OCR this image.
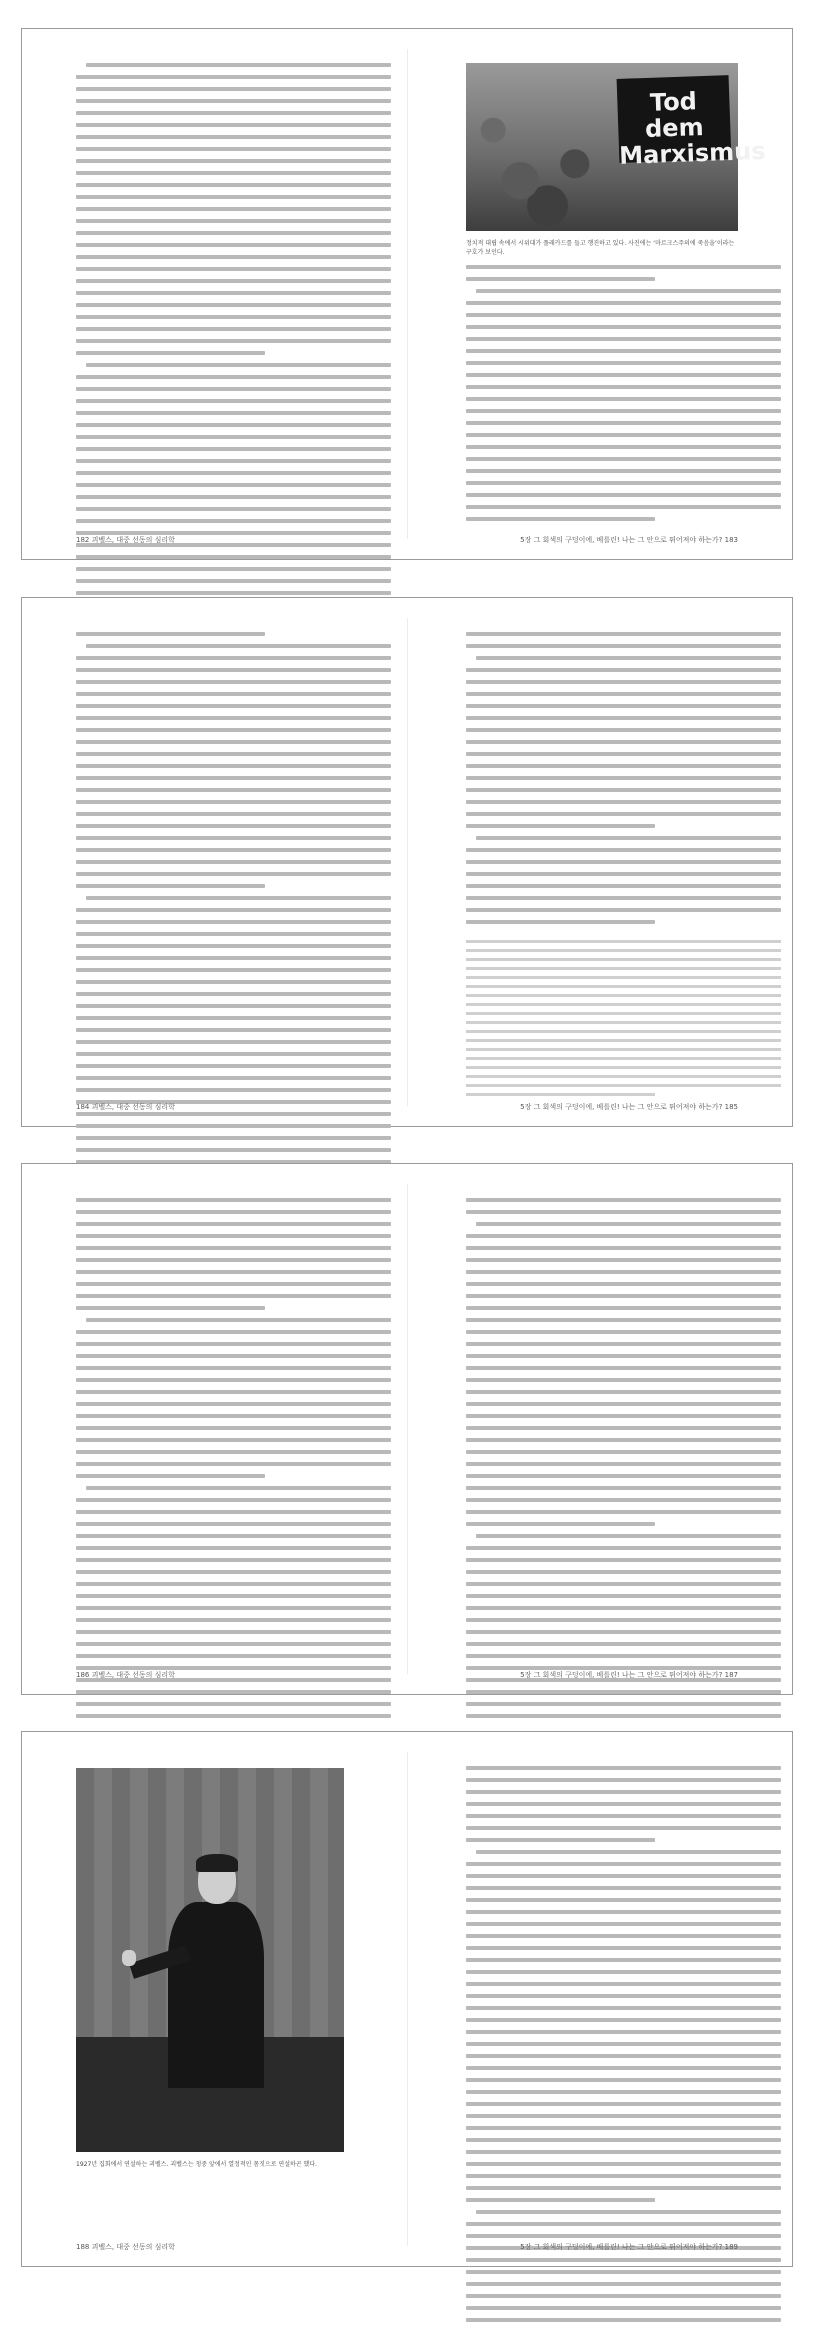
182 괴벨스, 대중 선동의 심리학
Tod dem Marxismus
정치적 대립 속에서 시위대가 플래카드를 들고 행진하고 있다. 사진에는 ‘마르크스주의에 죽음을’이라는 구호가 보인다.
5장 그 회색의 구덩이에, 베를린! 나는 그 안으로 뛰어져야 하는가? 183
184 괴벨스, 대중 선동의 심리학	5장 그 회색의 구덩이에, 베를린! 나는 그 안으로 뛰어져야 하는가? 185
186 괴벨스, 대중 선동의 심리학	5장 그 회색의 구덩이에, 베를린! 나는 그 안으로 뛰어져야 하는가? 187
1927년 집회에서 연설하는 괴벨스. 괴벨스는 청중 앞에서 열정적인 몸짓으로 연설하곤 했다.
188 괴벨스, 대중 선동의 심리학	5장 그 회색의 구덩이에, 베를린! 나는 그 안으로 뛰어져야 하는가? 189
